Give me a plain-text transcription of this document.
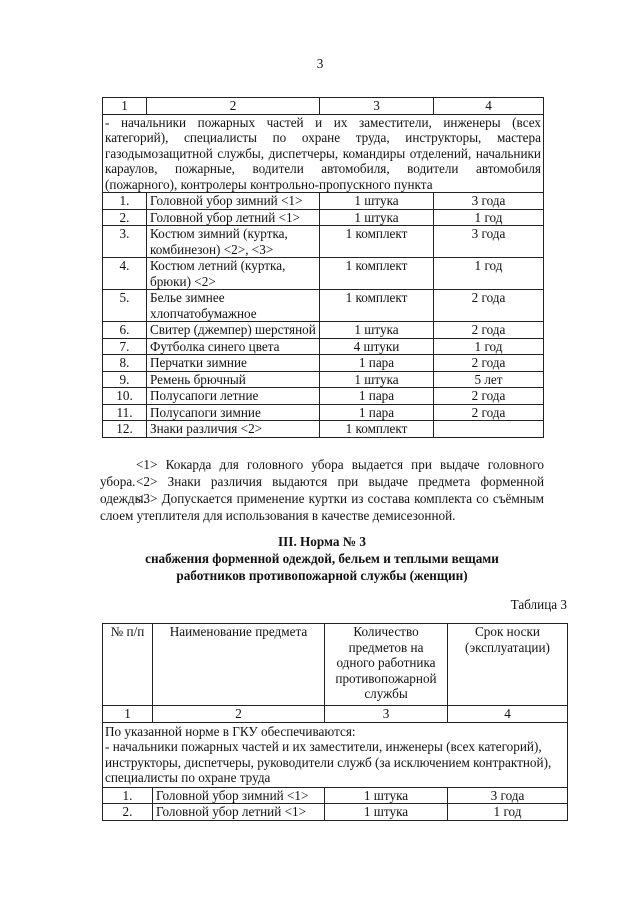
3
1	2	3	4
- начальники пожарных частей и их заместители, инженеры (всех категорий), специалисты по охране труда, инструкторы, мастера газодымозащитной службы, диспетчеры, командиры отделений, начальники караулов, пожарные, водители автомобиля, водители автомобиля (пожарного), контролеры контрольно-пропускного пункта			
1.	Головной убор зимний <1>	1 штука	3 года
2.	Головной убор летний <1>	1 штука	1 год
3.	Костюм зимний (куртка, комбинезон) <2>, <3>	1 комплект	3 года
4.	Костюм летний (куртка, брюки) <2>	1 комплект	1 год
5.	Белье зимнее хлопчатобумажное	1 комплект	2 года
6.	Свитер (джемпер) шерстяной	1 штука	2 года
7.	Футболка синего цвета	4 штуки	1 год
8.	Перчатки зимние	1 пара	2 года
9.	Ремень брючный	1 штука	5 лет
10.	Полусапоги летние	1 пара	2 года
11.	Полусапоги зимние	1 пара	2 года
12.	Знаки различия <2>	1 комплект	
<1> Кокарда для головного убора выдается при выдаче головного убора. <2> Знаки различия выдаются при выдаче предмета форменной одежды.
<3> Допускается применение куртки из состава комплекта со съёмным слоем утеплителя для использования в качестве демисезонной.
III. Норма № 3
снабжения форменной одеждой, бельем и теплыми вещами
работников противопожарной службы (женщин)
Таблица 3
№ п/п	Наименование предмета	Количество предметов на одного работника противопожарной службы	Срок носки (эксплуатации)
1	2	3	4

По указанной норме в ГКУ обеспечиваются:
- начальники пожарных частей и их заместители, инженеры (всех категорий), инструкторы, диспетчеры, руководители служб (за исключением контрактной), специалисты по охране труда			

1.	Головной убор зимний <1>	1 штука	3 года
2.	Головной убор летний <1>	1 штука	1 год
